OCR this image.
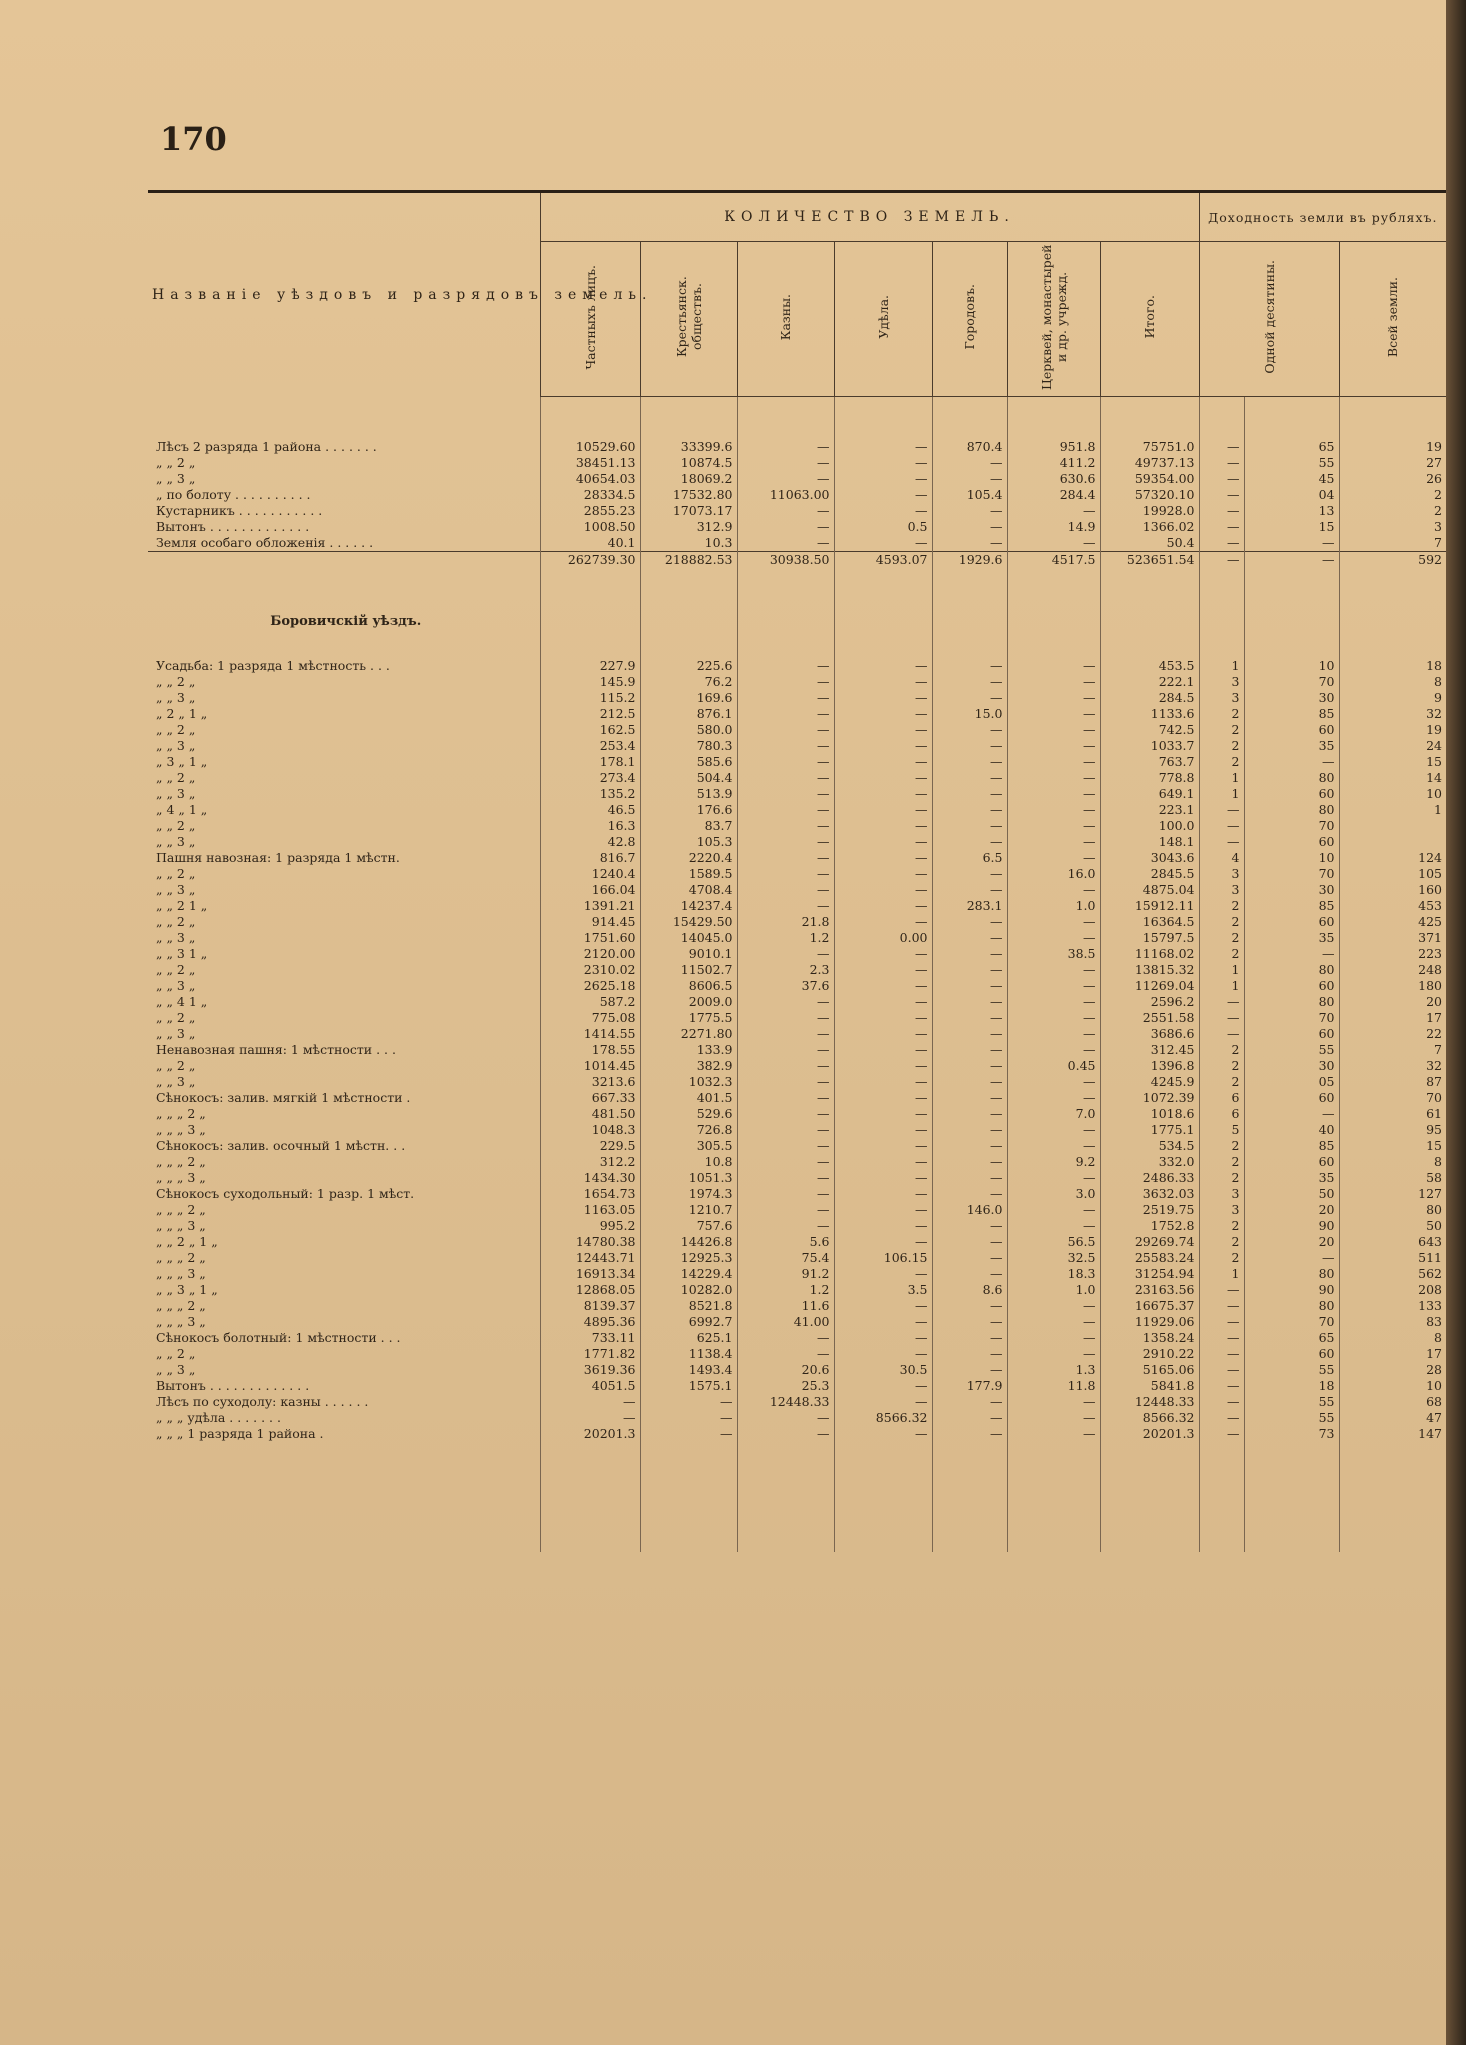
170
Названіе уѣздовъ и разрядовъ земель.	КОЛИЧЕСТВО ЗЕМЕЛЬ.							Доходность земли въ рубляхъ.		
	Частныхъ лицъ.	Крестьянск. обществъ.	Казны.	Удѣла.	Городовъ.	Церквей, монастырей и др. учрежд.	Итого.	Одной десятины.		Всей земли.

Лѣсъ 2 разряда 1 района . . . . . . .	10529.60	33399.6	—	—	870.4	951.8	75751.0	—	65	19
„ „ 2 „	38451.13	10874.5	—	—	—	411.2	49737.13	—	55	27
„ „ 3 „	40654.03	18069.2	—	—	—	630.6	59354.00	—	45	26
„ по болоту . . . . . . . . . .	28334.5	17532.80	11063.00	—	105.4	284.4	57320.10	—	04	2
Кустарникъ . . . . . . . . . . .	2855.23	17073.17	—	—	—	—	19928.0	—	13	2
Вытонъ . . . . . . . . . . . . .	1008.50	312.9	—	0.5	—	14.9	1366.02	—	15	3
Земля особаго обложенія . . . . . .	40.1	10.3	—	—	—	—	50.4	—	—	7
	262739.30	218882.53	30938.50	4593.07	1929.6	4517.5	523651.54	—	—	592
Боровичскій уѣздъ.										

Усадьба: 1 разряда 1 мѣстность . . .	227.9	225.6	—	—	—	—	453.5	1	10	18
„ „ 2 „	145.9	76.2	—	—	—	—	222.1	3	70	8
„ „ 3 „	115.2	169.6	—	—	—	—	284.5	3	30	9
„ 2 „ 1 „	212.5	876.1	—	—	15.0	—	1133.6	2	85	32
„ „ 2 „	162.5	580.0	—	—	—	—	742.5	2	60	19
„ „ 3 „	253.4	780.3	—	—	—	—	1033.7	2	35	24
„ 3 „ 1 „	178.1	585.6	—	—	—	—	763.7	2	—	15
„ „ 2 „	273.4	504.4	—	—	—	—	778.8	1	80	14
„ „ 3 „	135.2	513.9	—	—	—	—	649.1	1	60	10
„ 4 „ 1 „	46.5	176.6	—	—	—	—	223.1	—	80	1
„ „ 2 „	16.3	83.7	—	—	—	—	100.0	—	70	
„ „ 3 „	42.8	105.3	—	—	—	—	148.1	—	60	
Пашня навозная: 1 разряда 1 мѣстн.	816.7	2220.4	—	—	6.5	—	3043.6	4	10	124
„ „ 2 „	1240.4	1589.5	—	—	—	16.0	2845.5	3	70	105
„ „ 3 „	166.04	4708.4	—	—	—	—	4875.04	3	30	160
„ „ 2 1 „	1391.21	14237.4	—	—	283.1	1.0	15912.11	2	85	453
„ „ 2 „	914.45	15429.50	21.8	—	—	—	16364.5	2	60	425
„ „ 3 „	1751.60	14045.0	1.2	0.00	—	—	15797.5	2	35	371
„ „ 3 1 „	2120.00	9010.1	—	—	—	38.5	11168.02	2	—	223
„ „ 2 „	2310.02	11502.7	2.3	—	—	—	13815.32	1	80	248
„ „ 3 „	2625.18	8606.5	37.6	—	—	—	11269.04	1	60	180
„ „ 4 1 „	587.2	2009.0	—	—	—	—	2596.2	—	80	20
„ „ 2 „	775.08	1775.5	—	—	—	—	2551.58	—	70	17
„ „ 3 „	1414.55	2271.80	—	—	—	—	3686.6	—	60	22
Ненавозная пашня: 1 мѣстности . . .	178.55	133.9	—	—	—	—	312.45	2	55	7
„ „ 2 „	1014.45	382.9	—	—	—	0.45	1396.8	2	30	32
„ „ 3 „	3213.6	1032.3	—	—	—	—	4245.9	2	05	87
Сѣнокосъ: залив. мягкій 1 мѣстности .	667.33	401.5	—	—	—	—	1072.39	6	60	70
„ „ „ 2 „	481.50	529.6	—	—	—	7.0	1018.6	6	—	61
„ „ „ 3 „	1048.3	726.8	—	—	—	—	1775.1	5	40	95
Сѣнокосъ: залив. осочный 1 мѣстн. . .	229.5	305.5	—	—	—	—	534.5	2	85	15
„ „ „ 2 „	312.2	10.8	—	—	—	9.2	332.0	2	60	8
„ „ „ 3 „	1434.30	1051.3	—	—	—	—	2486.33	2	35	58
Сѣнокосъ суходольный: 1 разр. 1 мѣст.	1654.73	1974.3	—	—	—	3.0	3632.03	3	50	127
„ „ „ 2 „	1163.05	1210.7	—	—	146.0	—	2519.75	3	20	80
„ „ „ 3 „	995.2	757.6	—	—	—	—	1752.8	2	90	50
„ „ 2 „ 1 „	14780.38	14426.8	5.6	—	—	56.5	29269.74	2	20	643
„ „ „ 2 „	12443.71	12925.3	75.4	106.15	—	32.5	25583.24	2	—	511
„ „ „ 3 „	16913.34	14229.4	91.2	—	—	18.3	31254.94	1	80	562
„ „ 3 „ 1 „	12868.05	10282.0	1.2	3.5	8.6	1.0	23163.56	—	90	208
„ „ „ 2 „	8139.37	8521.8	11.6	—	—	—	16675.37	—	80	133
„ „ „ 3 „	4895.36	6992.7	41.00	—	—	—	11929.06	—	70	83
Сѣнокосъ болотный: 1 мѣстности . . .	733.11	625.1	—	—	—	—	1358.24	—	65	8
„ „ 2 „	1771.82	1138.4	—	—	—	—	2910.22	—	60	17
„ „ 3 „	3619.36	1493.4	20.6	30.5	—	1.3	5165.06	—	55	28
Вытонъ . . . . . . . . . . . . .	4051.5	1575.1	25.3	—	177.9	11.8	5841.8	—	18	10
Лѣсъ по суходолу: казны . . . . . .	—	—	12448.33	—	—	—	12448.33	—	55	68
„ „ „ удѣла . . . . . . .	—	—	—	8566.32	—	—	8566.32	—	55	47
„ „ „ 1 разряда 1 района .	20201.3	—	—	—	—	—	20201.3	—	73	147
